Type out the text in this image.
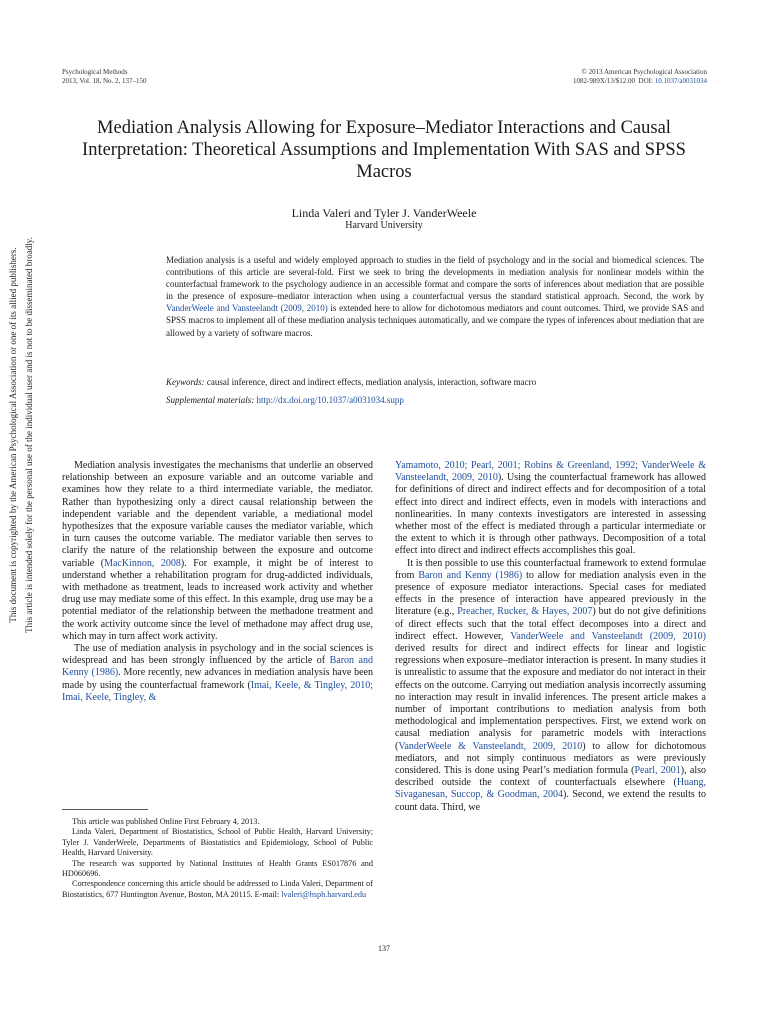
Psychological Methods
2013, Vol. 18, No. 2, 137–150
© 2013 American Psychological Association
1082-989X/13/$12.00 DOI: 10.1037/a0031034
Mediation Analysis Allowing for Exposure–Mediator Interactions and Causal Interpretation: Theoretical Assumptions and Implementation With SAS and SPSS Macros
Linda Valeri and Tyler J. VanderWeele
Harvard University

Mediation analysis is a useful and widely employed approach to studies in the field of psychology and in the social and biomedical sciences. The contributions of this article are several-fold. First we seek to bring the developments in mediation analysis for nonlinear models within the counterfactual framework to the psychology audience in an accessible format and compare the sorts of inferences about mediation that are possible in the presence of exposure–mediator interaction when using a counterfactual versus the standard statistical approach. Second, the work by VanderWeele and Vansteelandt (2009, 2010) is extended here to allow for dichotomous mediators and count outcomes. Third, we provide SAS and SPSS macros to implement all of these mediation analysis techniques automatically, and we compare the types of inferences about mediation that are allowed by a variety of software macros.

Keywords: causal inference, direct and indirect effects, mediation analysis, interaction, software macro
Supplemental materials: http://dx.doi.org/10.1037/a0031034.supp

Mediation analysis investigates the mechanisms that underlie an observed relationship between an exposure variable and an outcome variable and examines how they relate to a third intermediate variable, the mediator. Rather than hypothesizing only a direct causal relationship between the independent variable and the dependent variable, a mediational model hypothesizes that the exposure variable causes the mediator variable, which in turn causes the outcome variable. The mediator variable then serves to clarify the nature of the relationship between the exposure and outcome variable (MacKinnon, 2008). For example, it might be of interest to understand whether a rehabilitation program for drug-addicted individuals, with methadone as treatment, leads to increased work activity and whether drug use may mediate some of this effect. In this example, drug use may be a potential mediator of the relationship between the methadone treatment and the work activity outcome since the level of methadone may affect drug use, which may in turn affect work activity.

The use of mediation analysis in psychology and in the social sciences is widespread and has been strongly influenced by the article of Baron and Kenny (1986). More recently, new advances in mediation analysis have been made by using the counterfactual framework (Imai, Keele, & Tingley, 2010; Imai, Keele, Tingley, &

Yamamoto, 2010; Pearl, 2001; Robins & Greenland, 1992; VanderWeele & Vansteelandt, 2009, 2010). Using the counterfactual framework has allowed for definitions of direct and indirect effects and for decomposition of a total effect into direct and indirect effects, even in models with interactions and nonlinearities. In many contexts investigators are interested in assessing whether most of the effect is mediated through a particular intermediate or the extent to which it is through other pathways. Decomposition of a total effect into direct and indirect effects accomplishes this goal.

It is then possible to use this counterfactual framework to extend formulae from Baron and Kenny (1986) to allow for mediation analysis even in the presence of exposure mediator interactions. Special cases for mediated effects in the presence of interaction have appeared previously in the literature (e.g., Preacher, Rucker, & Hayes, 2007) but do not give definitions of direct effects such that the total effect decomposes into a direct and indirect effect. However, VanderWeele and Vansteelandt (2009, 2010) derived results for direct and indirect effects for linear and logistic regressions when exposure–mediator interaction is present. In many studies it is unrealistic to assume that the exposure and mediator do not interact in their effects on the outcome. Carrying out mediation analysis incorrectly assuming no interaction may result in invalid inferences. The present article makes a number of important contributions to mediation analysis from both methodological and implementation perspectives. First, we extend work on causal mediation analysis for parametric models with interactions (VanderWeele & Vansteelandt, 2009, 2010) to allow for dichotomous mediators, and not simply continuous mediators as were previously considered. This is done using Pearl’s mediation formula (Pearl, 2001), also described outside the context of counterfactuals elsewhere (Huang, Sivaganesan, Succop, & Goodman, 2004). Second, we extend the results to count data. Third, we

This article was published Online First February 4, 2013.

Linda Valeri, Department of Biostatistics, School of Public Health, Harvard University; Tyler J. VanderWeele, Departments of Biostatistics and Epidemiology, School of Public Health, Harvard University.

The research was supported by National Institutes of Health Grants ES017876 and HD060696.

Correspondence concerning this article should be addressed to Linda Valeri, Department of Biostatistics, 677 Huntington Avenue, Boston, MA 20115. E-mail: lvaleri@hsph.harvard.edu

137
This document is copyrighted by the American Psychological Association or one of its allied publishers. This article is intended solely for the personal use of the individual user and is not to be disseminated broadly.
